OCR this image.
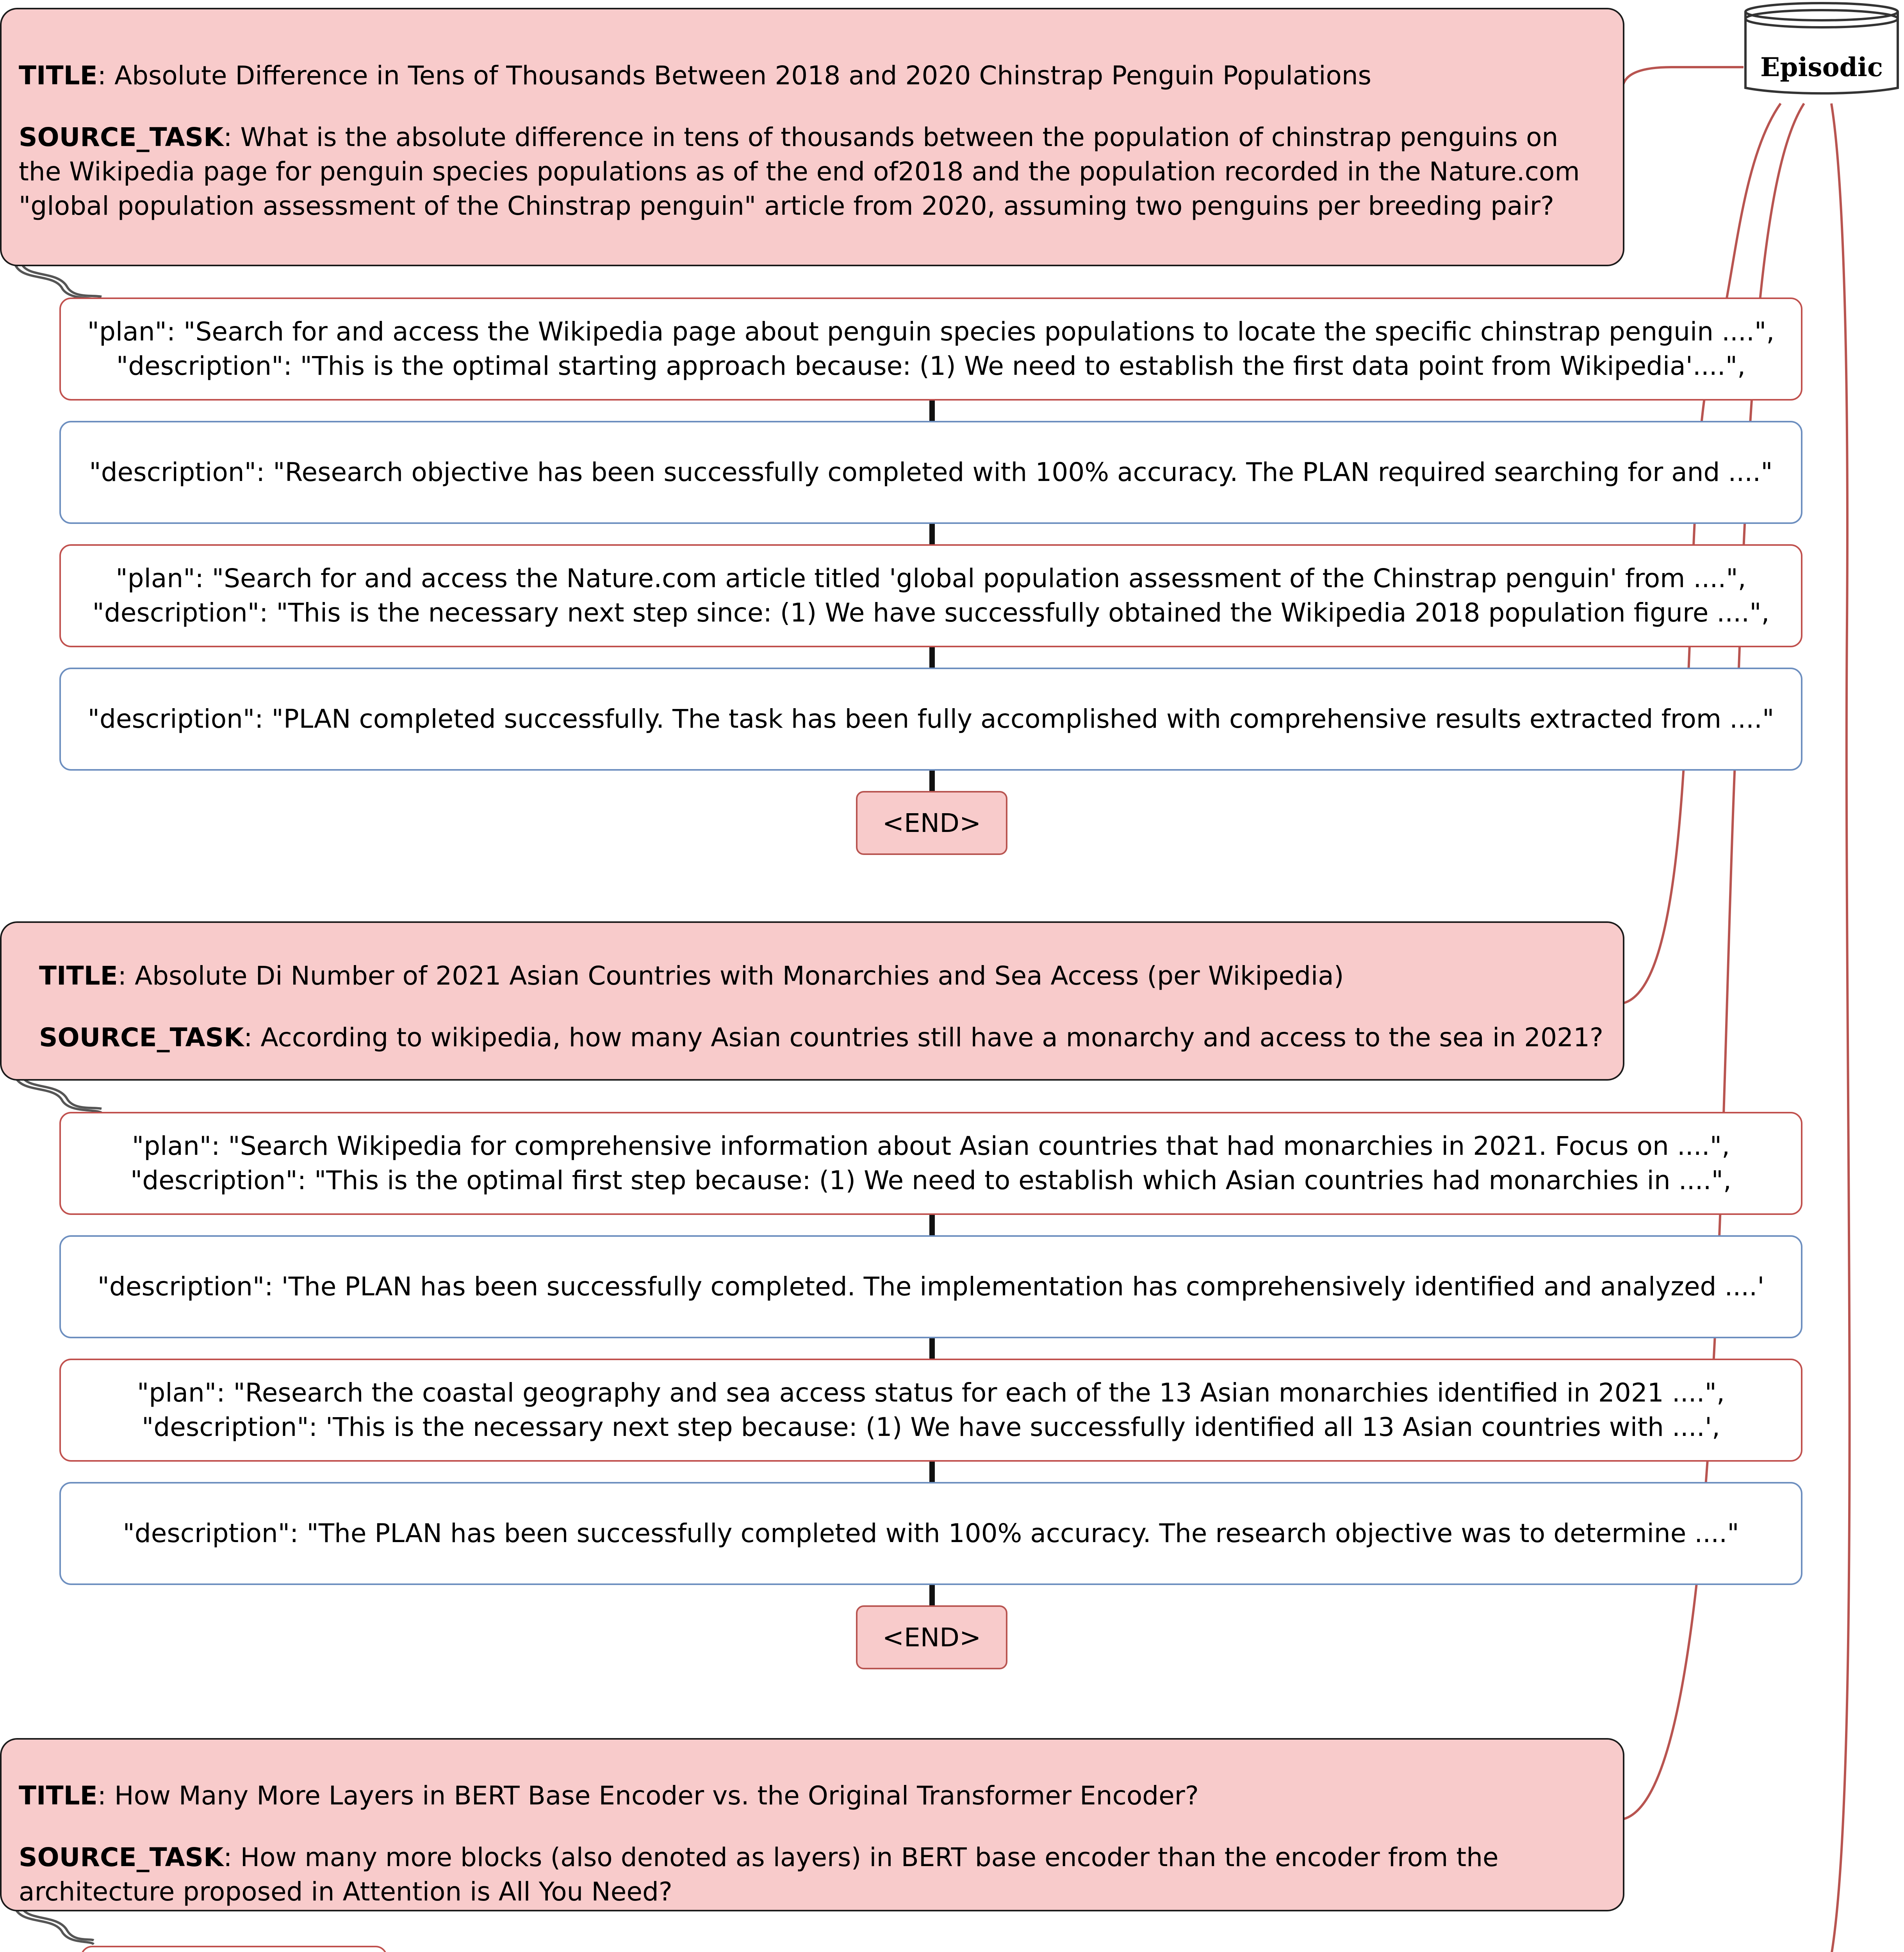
Episodic

TITLE: Absolute Difference in Tens of Thousands Between 2018 and 2020 Chinstrap Penguin Populations

SOURCE_TASK: What is the absolute difference in tens of thousands between the population of chinstrap penguins on

the Wikipedia page for penguin species populations as of the end of2018 and the population recorded in the Nature.com

"global population assessment of the Chinstrap penguin" article from 2020, assuming two penguins per breeding pair?

"plan": "Search for and access the Wikipedia page about penguin species populations to locate the specific chinstrap penguin ....",
"description": "This is the optimal starting approach because: (1) We need to establish the first data point from Wikipedia'....",
"description": "Research objective has been successfully completed with 100% accuracy. The PLAN required searching for and ...."
"plan": "Search for and access the Nature.com article titled 'global population assessment of the Chinstrap penguin' from ....",
"description": "This is the necessary next step since: (1) We have successfully obtained the Wikipedia 2018 population figure ....",
"description": "PLAN completed successfully. The task has been fully accomplished with comprehensive results extracted from ...."
<END>

TITLE: Absolute Di Number of 2021 Asian Countries with Monarchies and Sea Access (per Wikipedia)

SOURCE_TASK: According to wikipedia, how many Asian countries still have a monarchy and access to the sea in 2021?

"plan": "Search Wikipedia for comprehensive information about Asian countries that had monarchies in 2021. Focus on ....",
"description": "This is the optimal first step because: (1) We need to establish which Asian countries had monarchies in ....",
"description": 'The PLAN has been successfully completed. The implementation has comprehensively identified and analyzed ....'
"plan": "Research the coastal geography and sea access status for each of the 13 Asian monarchies identified in 2021 ....",
"description": 'This is the necessary next step because: (1) We have successfully identified all 13 Asian countries with ....',
"description": "The PLAN has been successfully completed with 100% accuracy. The research objective was to determine ...."
<END>

TITLE: How Many More Layers in BERT Base Encoder vs. the Original Transformer Encoder?

SOURCE_TASK: How many more blocks (also denoted as layers) in BERT base encoder than the encoder from the

architecture proposed in Attention is All You Need?
